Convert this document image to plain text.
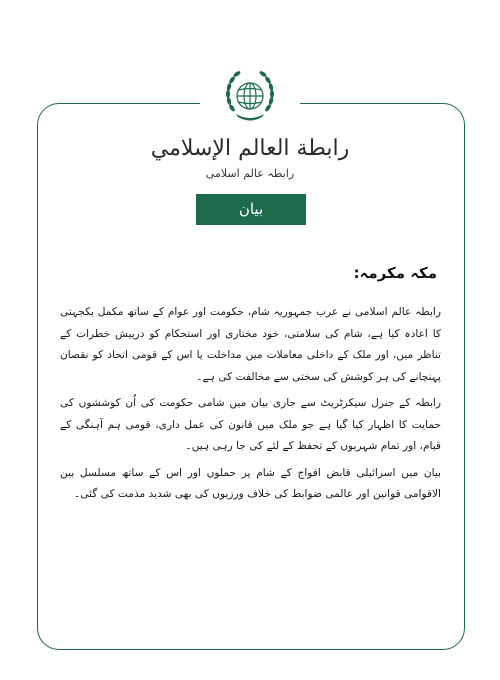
رابطة العالم الإسلامي
رابطہ عالم اسلامی
بیان
مکہ مکرمہ:

رابطہ عالم اسلامی نے عرب جمہوریہ شام، حکومت اور عوام کے ساتھ مکمل یکجہتی کا اعادہ کیا ہے، شام کی سلامتی، خود مختاری اور استحکام کو درپیش خطرات کے تناظر میں، اور ملک کے داخلی معاملات میں مداخلت یا اس کے قومی اتحاد کو نقصان پہنچانے کی ہر کوشش کی سختی سے مخالفت کی ہے۔

رابطہ کے جنرل سیکرٹریٹ سے جاری بیان میں شامی حکومت کی اُن کوششوں کی حمایت کا اظہار کیا گیا ہے جو ملک میں قانون کی عمل داری، قومی ہم آہنگی کے قیام، اور تمام شہریوں کے تحفظ کے لئے کی جا رہی ہیں۔

بیان میں اسرائیلی قابض افواج کے شام پر حملوں اور اس کے ساتھ مسلسل بین الاقوامی قوانین اور عالمی ضوابط کی خلاف ورزیوں کی بھی شدید مذمت کی گئی۔
